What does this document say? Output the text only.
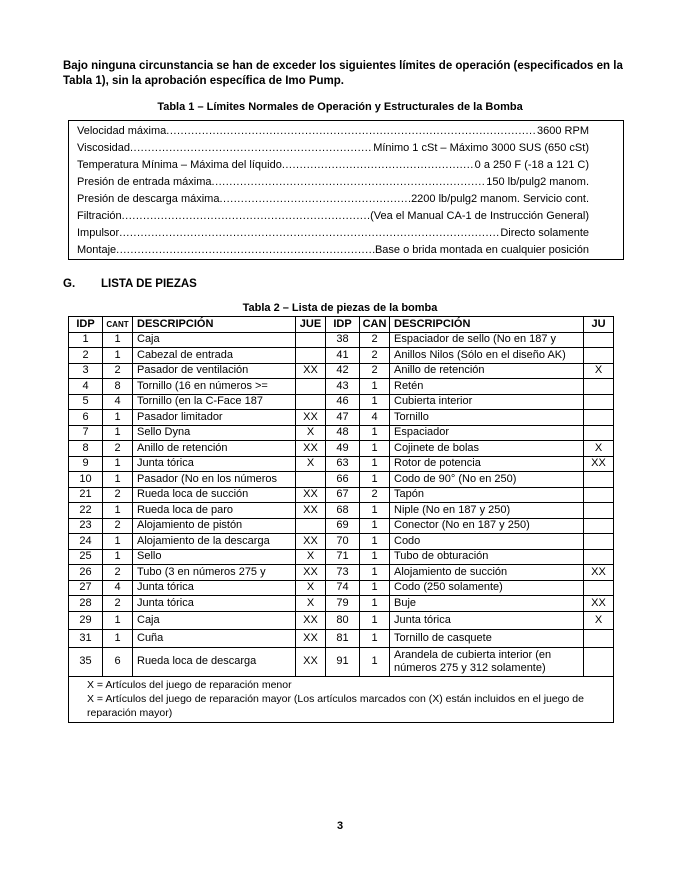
Bajo ninguna circunstancia se han de exceder los siguientes límites de operación (especificados en la Tabla 1), sin la aprobación específica de Imo Pump.
Tabla 1 – Límites Normales de Operación y Estructurales de la Bomba
Velocidad máxima .....	3600 RPM
Viscosidad .....	Mínimo 1 cSt – Máximo 3000 SUS (650 cSt)
Temperatura Mínima – Máxima del líquido .....	0 a 250 F (-18 a 121 C)
Presión de entrada máxima .....	150 lb/pulg2 manom.
Presión de descarga máxima .....	2200 lb/pulg2 manom. Servicio cont.
Filtración .....	(Vea el Manual CA-1 de Instrucción General)
Impulsor .....	Directo solamente
Montaje .....	Base o brida montada en cualquier posición
G. LISTA DE PIEZAS
Tabla 2 – Lista de piezas de la bomba
IDP	CANT	DESCRIPCIÓN	JUE	IDP	CAN	DESCRIPCIÓN	JU
1	1	Caja		38	2	Espaciador de sello (No en 187 y	
2	1	Cabezal de entrada		41	2	Anillos Nilos (Sólo en el diseño AK)	
3	2	Pasador de ventilación	XX	42	2	Anillo de retención	X
4	8	Tornillo (16 en números >=		43	1	Retén	
5	4	Tornillo (en la C-Face 187		46	1	Cubierta interior	
6	1	Pasador limitador	XX	47	4	Tornillo	
7	1	Sello Dyna	X	48	1	Espaciador	
8	2	Anillo de retención	XX	49	1	Cojinete de bolas	X
9	1	Junta tórica	X	63	1	Rotor de potencia	XX
10	1	Pasador (No en los números		66	1	Codo de 90° (No en 250)	
21	2	Rueda loca de succión	XX	67	2	Tapón	
22	1	Rueda loca de paro	XX	68	1	Niple (No en 187 y 250)	
23	2	Alojamiento de pistón		69	1	Conector (No en 187 y 250)	
24	1	Alojamiento de la descarga	XX	70	1	Codo	
25	1	Sello	X	71	1	Tubo de obturación	
26	2	Tubo (3 en números 275 y	XX	73	1	Alojamiento de succión	XX
27	4	Junta tórica	X	74	1	Codo (250 solamente)	
28	2	Junta tórica	X	79	1	Buje	XX
29	1	Caja	XX	80	1	Junta tórica	X
31	1	Cuña	XX	81	1	Tornillo de casquete	
35	6	Rueda loca de descarga	XX	91	1	Arandela de cubierta interior (en números 275 y 312 solamente)	

X = Artículos del juego de reparación menor
X = Artículos del juego de reparación mayor (Los artículos marcados con (X) están incluidos en el juego de reparación mayor)							
3
